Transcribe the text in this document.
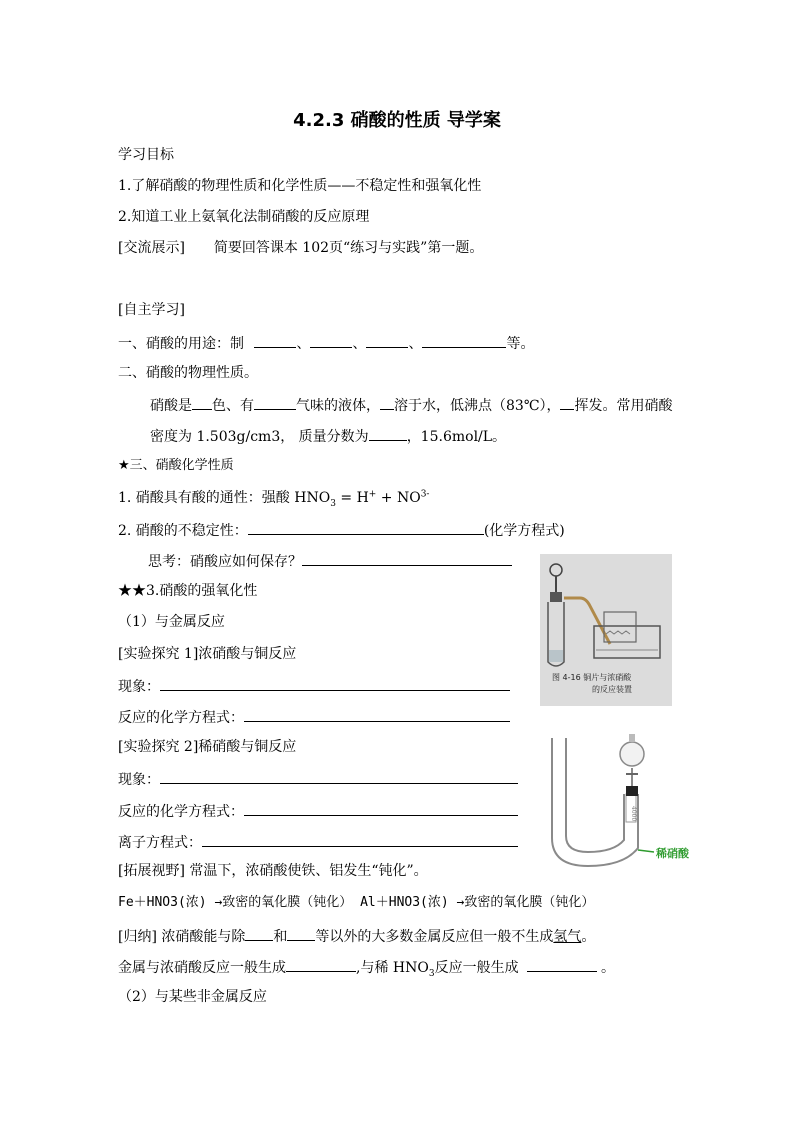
4.2.3 硝酸的性质 导学案
学习目标
1.了解硝酸的物理性质和化学性质——不稳定性和强氧化性
2.知道工业上氨氧化法制硝酸的反应原理
[交流展示] 简要回答课本 102页“练习与实践”第一题。
[自主学习]
一、硝酸的用途：制	、	、	、	等。
二、硝酸的物理性质。
硝酸是 色、有	气味的液体， 溶于水，低沸点（83℃）， 挥发。常用硝酸
密度为 1.503g/cm3， 质量分数为	，15.6mol/L。
★三、硝酸化学性质
1. 硝酸具有酸的通性：强酸 $HNO_3 = H^+ + NO^{3-}$
2. 硝酸的不稳定性：	(化学方程式)
思考：硝酸应如何保存？
★★3.硝酸的强氧化性
（1）与金属反应
[实验探究 1]浓硝酸与铜反应
现象：
反应的化学方程式：
[实验探究 2]稀硝酸与铜反应
现象：
反应的化学方程式：
离子方程式：
[拓展视野] 常温下，浓硝酸使铁、铝发生“钝化”。
Fe＋HNO3(浓) →致密的氧化膜（钝化） Al＋HNO3(浓) →致密的氧化膜（钝化）
[归纳] 浓硝酸能与除 和 等以外的大多数金属反应但一般不生成氢气。
金属与浓硝酸反应一般生成	,与稀 $HNO_3$反应一般生成	。
（2）与某些非金属反应
图 4-16 铜片与浓硝酸
的反应装置
4000
稀硝酸
